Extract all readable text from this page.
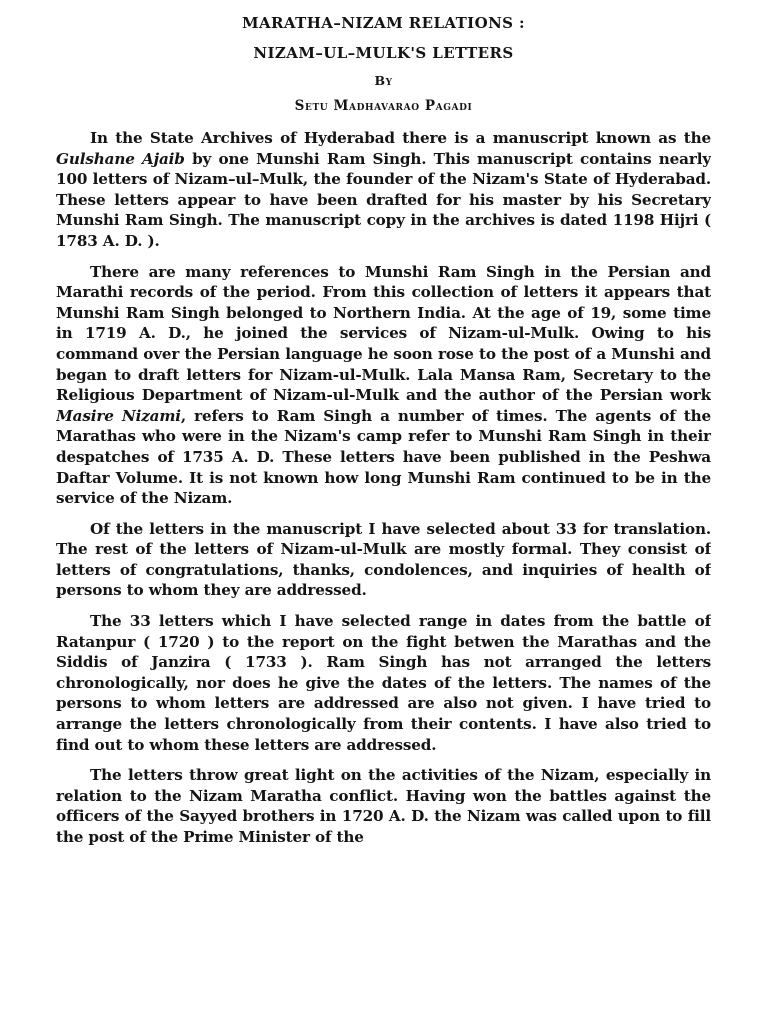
MARATHA–NIZAM RELATIONS :
NIZAM–UL–MULK'S LETTERS
By
Setu Madhavarao Pagadi

In the State Archives of Hyderabad there is a manuscript known as the Gulshane Ajaib by one Munshi Ram Singh. This manuscript contains nearly 100 letters of Nizam–ul–Mulk, the founder of the Nizam's State of Hyderabad. These letters appear to have been drafted for his master by his Secretary Munshi Ram Singh. The manuscript copy in the archives is dated 1198 Hijri ( 1783 A. D. ).

There are many references to Munshi Ram Singh in the Persian and Marathi records of the period. From this collection of letters it appears that Munshi Ram Singh belonged to Northern India. At the age of 19, some time in 1719 A. D., he joined the services of Nizam-ul-Mulk. Owing to his command over the Persian language he soon rose to the post of a Munshi and began to draft letters for Nizam-ul-Mulk. Lala Mansa Ram, Secretary to the Religious Department of Nizam-ul-Mulk and the author of the Persian work Masire Nizami, refers to Ram Singh a number of times. The agents of the Marathas who were in the Nizam's camp refer to Munshi Ram Singh in their despatches of 1735 A. D. These letters have been published in the Peshwa Daftar Volume. It is not known how long Munshi Ram continued to be in the service of the Nizam.

Of the letters in the manuscript I have selected about 33 for translation. The rest of the letters of Nizam-ul-Mulk are mostly formal. They consist of letters of congratulations, thanks, condolences, and inquiries of health of persons to whom they are addressed.

The 33 letters which I have selected range in dates from the battle of Ratanpur ( 1720 ) to the report on the fight betwen the Marathas and the Siddis of Janzira ( 1733 ). Ram Singh has not arranged the letters chronologically, nor does he give the dates of the letters. The names of the persons to whom letters are addressed are also not given. I have tried to arrange the letters chronologically from their contents. I have also tried to find out to whom these letters are addressed.

The letters throw great light on the activities of the Nizam, especially in relation to the Nizam Maratha conflict. Having won the battles against the officers of the Sayyed brothers in 1720 A. D. the Nizam was called upon to fill the post of the Prime Minister of the
